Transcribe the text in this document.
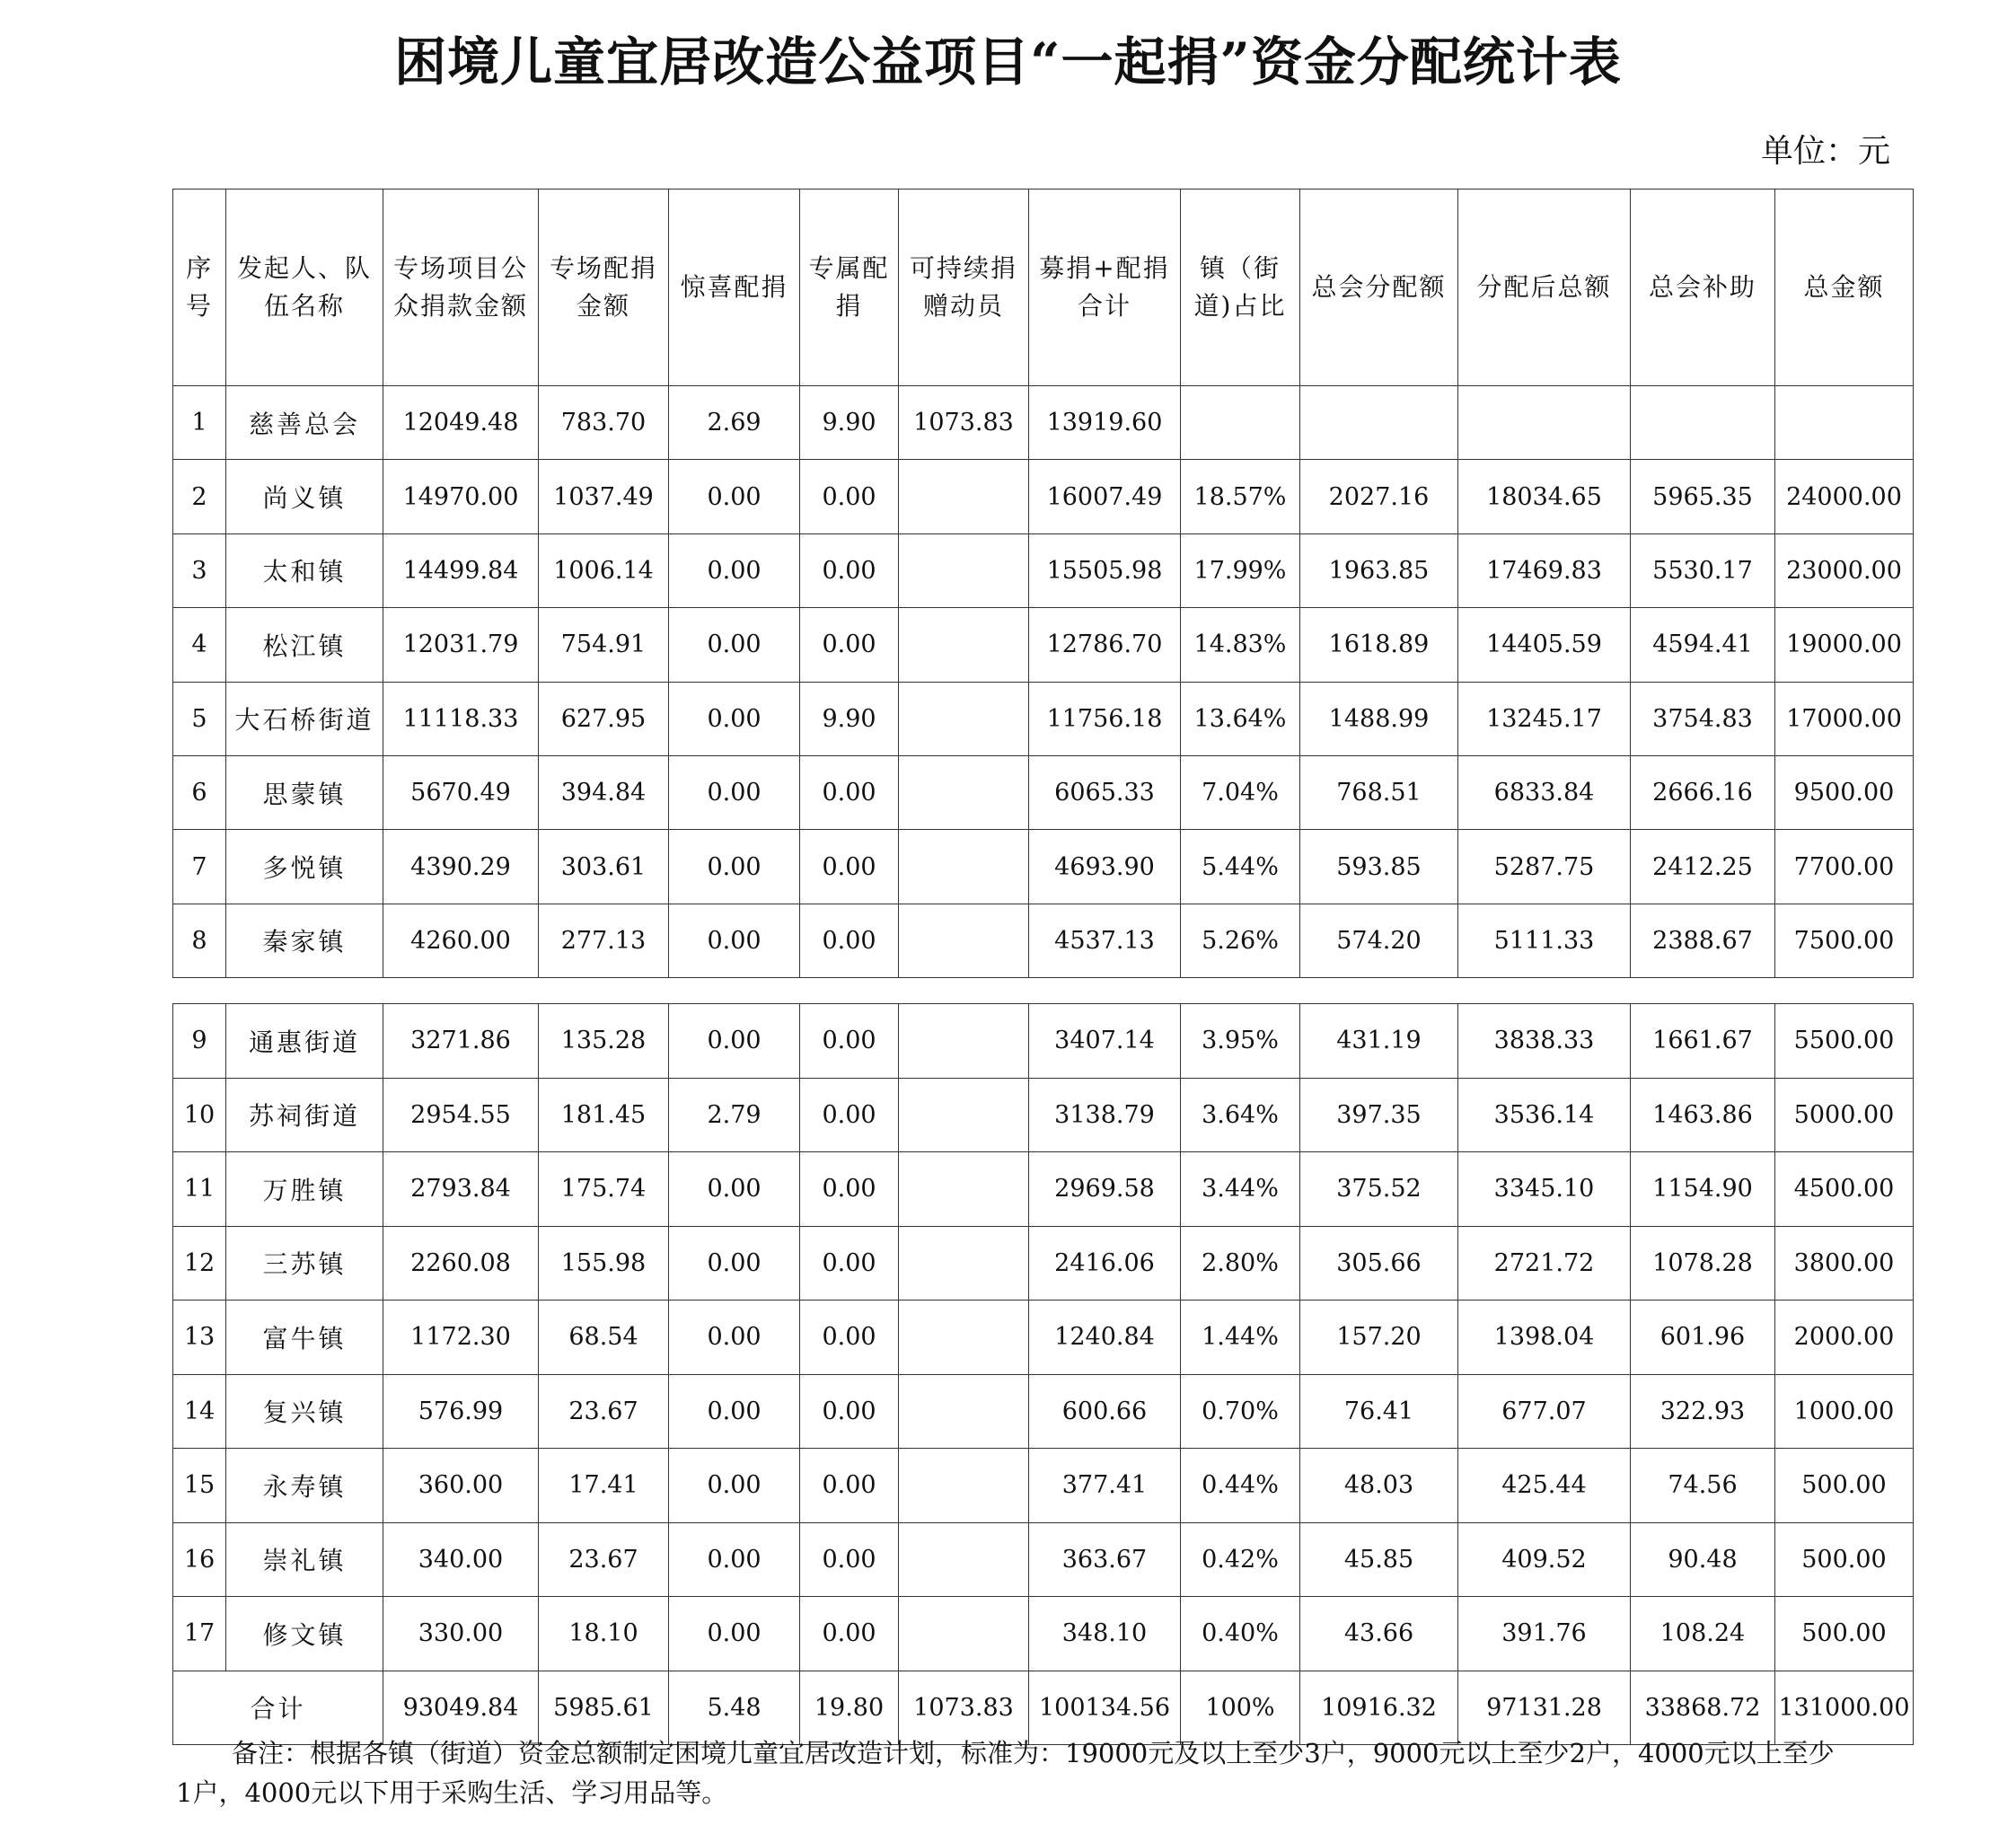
困境儿童宜居改造公益项目“一起捐”资金分配统计表
单位：元
序号	发起人、队伍名称	专场项目公众捐款金额	专场配捐金额	惊喜配捐	专属配捐	可持续捐赠动员	募捐+配捐合计	镇（街道)占比	总会分配额	分配后总额	总会补助	总金额
1	慈善总会	12049.48	783.70	2.69	9.90	1073.83	13919.60					
2	尚义镇	14970.00	1037.49	0.00	0.00		16007.49	18.57%	2027.16	18034.65	5965.35	24000.00
3	太和镇	14499.84	1006.14	0.00	0.00		15505.98	17.99%	1963.85	17469.83	5530.17	23000.00
4	松江镇	12031.79	754.91	0.00	0.00		12786.70	14.83%	1618.89	14405.59	4594.41	19000.00
5	大石桥街道	11118.33	627.95	0.00	9.90		11756.18	13.64%	1488.99	13245.17	3754.83	17000.00
6	思蒙镇	5670.49	394.84	0.00	0.00		6065.33	7.04%	768.51	6833.84	2666.16	9500.00
7	多悦镇	4390.29	303.61	0.00	0.00		4693.90	5.44%	593.85	5287.75	2412.25	7700.00
8	秦家镇	4260.00	277.13	0.00	0.00		4537.13	5.26%	574.20	5111.33	2388.67	7500.00
9	通惠街道	3271.86	135.28	0.00	0.00		3407.14	3.95%	431.19	3838.33	1661.67	5500.00
10	苏祠街道	2954.55	181.45	2.79	0.00		3138.79	3.64%	397.35	3536.14	1463.86	5000.00
11	万胜镇	2793.84	175.74	0.00	0.00		2969.58	3.44%	375.52	3345.10	1154.90	4500.00
12	三苏镇	2260.08	155.98	0.00	0.00		2416.06	2.80%	305.66	2721.72	1078.28	3800.00
13	富牛镇	1172.30	68.54	0.00	0.00		1240.84	1.44%	157.20	1398.04	601.96	2000.00
14	复兴镇	576.99	23.67	0.00	0.00		600.66	0.70%	76.41	677.07	322.93	1000.00
15	永寿镇	360.00	17.41	0.00	0.00		377.41	0.44%	48.03	425.44	74.56	500.00
16	崇礼镇	340.00	23.67	0.00	0.00		363.67	0.42%	45.85	409.52	90.48	500.00
17	修文镇	330.00	18.10	0.00	0.00		348.10	0.40%	43.66	391.76	108.24	500.00
合计		93049.84	5985.61	5.48	19.80	1073.83	100134.56	100%	10916.32	97131.28	33868.72	131000.00
备注：根据各镇（街道）资金总额制定困境儿童宜居改造计划，标准为：19000元及以上至少3户，9000元以上至少2户，4000元以上至少1户，4000元以下用于采购生活、学习用品等。
